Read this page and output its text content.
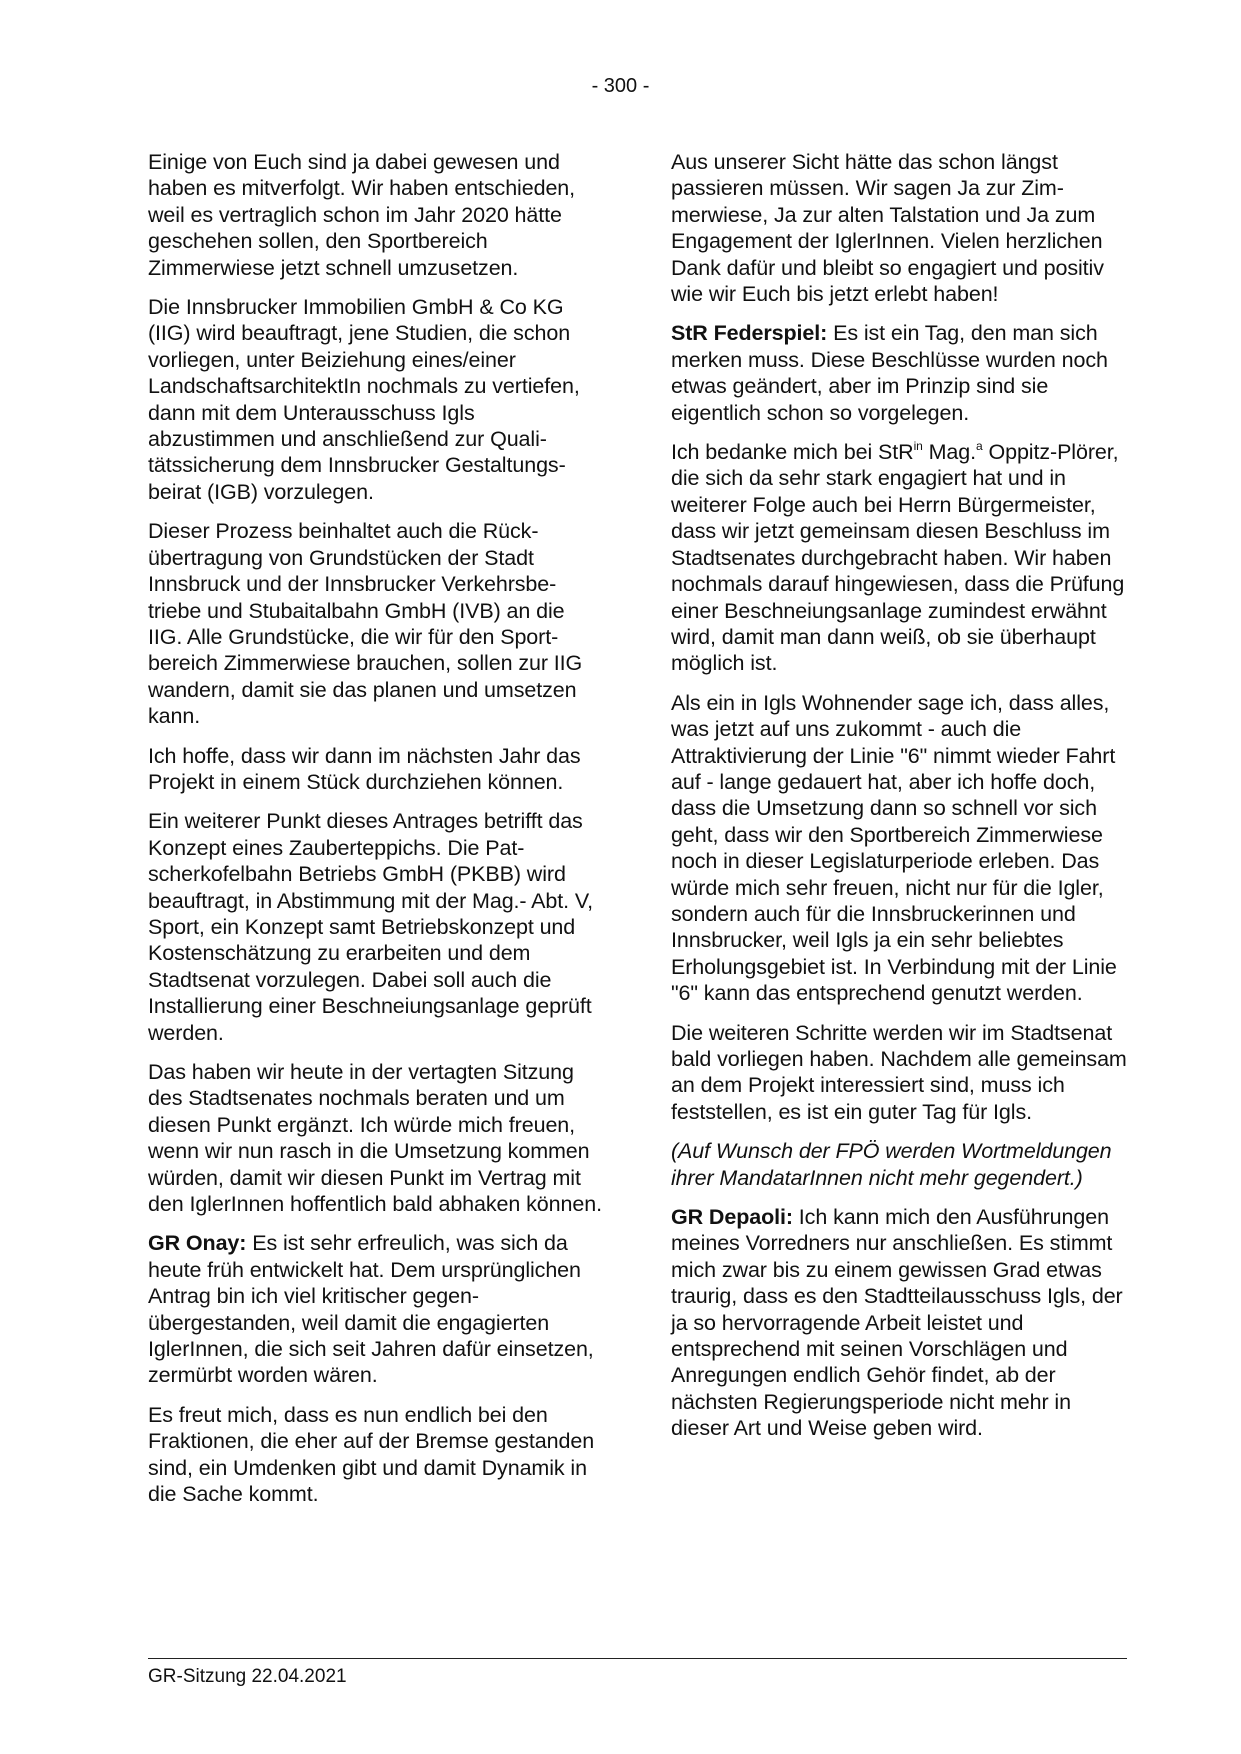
- 300 -

Einige von Euch sind ja dabei gewesen und haben es mitverfolgt. Wir haben entschieden, weil es vertraglich schon im Jahr 2020 hätte geschehen sollen, den Sportbereich Zimmerwiese jetzt schnell umzusetzen.

Die Innsbrucker Immobilien GmbH & Co KG (IIG) wird beauftragt, jene Studien, die schon vorliegen, unter Beiziehung eines/einer LandschaftsarchitektIn nochmals zu vertiefen, dann mit dem Unterausschuss Igls abzustimmen und anschließend zur Qualitätssicherung dem Innsbrucker Gestaltungsbeirat (IGB) vorzulegen.

Dieser Prozess beinhaltet auch die Rückübertragung von Grundstücken der Stadt Innsbruck und der Innsbrucker Verkehrsbetriebe und Stubaitalbahn GmbH (IVB) an die IIG. Alle Grundstücke, die wir für den Sportbereich Zimmerwiese brauchen, sollen zur IIG wandern, damit sie das planen und umsetzen kann.

Ich hoffe, dass wir dann im nächsten Jahr das Projekt in einem Stück durchziehen können.

Ein weiterer Punkt dieses Antrages betrifft das Konzept eines Zauberteppichs. Die Patscherkofelbahn Betriebs GmbH (PKBB) wird beauftragt, in Abstimmung mit der Mag.- Abt. V, Sport, ein Konzept samt Betriebskonzept und Kostenschätzung zu erarbeiten und dem Stadtsenat vorzulegen. Dabei soll auch die Installierung einer Beschneiungsanlage geprüft werden.

Das haben wir heute in der vertagten Sitzung des Stadtsenates nochmals beraten und um diesen Punkt ergänzt. Ich würde mich freuen, wenn wir nun rasch in die Umsetzung kommen würden, damit wir diesen Punkt im Vertrag mit den IglerInnen hoffentlich bald abhaken können.

GR Onay: Es ist sehr erfreulich, was sich da heute früh entwickelt hat. Dem ursprünglichen Antrag bin ich viel kritischer gegenübergestanden, weil damit die engagierten IglerInnen, die sich seit Jahren dafür einsetzen, zermürbt worden wären.

Es freut mich, dass es nun endlich bei den Fraktionen, die eher auf der Bremse gestanden sind, ein Umdenken gibt und damit Dynamik in die Sache kommt.

Aus unserer Sicht hätte das schon längst passieren müssen. Wir sagen Ja zur Zimmerwiese, Ja zur alten Talstation und Ja zum Engagement der IglerInnen. Vielen herzlichen Dank dafür und bleibt so engagiert und positiv wie wir Euch bis jetzt erlebt haben!

StR Federspiel: Es ist ein Tag, den man sich merken muss. Diese Beschlüsse wurden noch etwas geändert, aber im Prinzip sind sie eigentlich schon so vorgelegen.

Ich bedanke mich bei StR$^{in}$ Mag.$^a$ Oppitz-Plörer, die sich da sehr stark engagiert hat und in weiterer Folge auch bei Herrn Bürgermeister, dass wir jetzt gemeinsam diesen Beschluss im Stadtsenates durchgebracht haben. Wir haben nochmals darauf hingewiesen, dass die Prüfung einer Beschneiungsanlage zumindest erwähnt wird, damit man dann weiß, ob sie überhaupt möglich ist.

Als ein in Igls Wohnender sage ich, dass alles, was jetzt auf uns zukommt - auch die Attraktivierung der Linie "6" nimmt wieder Fahrt auf - lange gedauert hat, aber ich hoffe doch, dass die Umsetzung dann so schnell vor sich geht, dass wir den Sportbereich Zimmerwiese noch in dieser Legislaturperiode erleben. Das würde mich sehr freuen, nicht nur für die Igler, sondern auch für die Innsbruckerinnen und Innsbrucker, weil Igls ja ein sehr beliebtes Erholungsgebiet ist. In Verbindung mit der Linie "6" kann das entsprechend genutzt werden.

Die weiteren Schritte werden wir im Stadtsenat bald vorliegen haben. Nachdem alle gemeinsam an dem Projekt interessiert sind, muss ich feststellen, es ist ein guter Tag für Igls.

(Auf Wunsch der FPÖ werden Wortmeldungen ihrer MandatarInnen nicht mehr gegendert.)

GR Depaoli: Ich kann mich den Ausführungen meines Vorredners nur anschließen. Es stimmt mich zwar bis zu einem gewissen Grad etwas traurig, dass es den Stadtteilausschuss Igls, der ja so hervorragende Arbeit leistet und entsprechend mit seinen Vorschlägen und Anregungen endlich Gehör findet, ab der nächsten Regierungsperiode nicht mehr in dieser Art und Weise geben wird.

GR-Sitzung 22.04.2021
